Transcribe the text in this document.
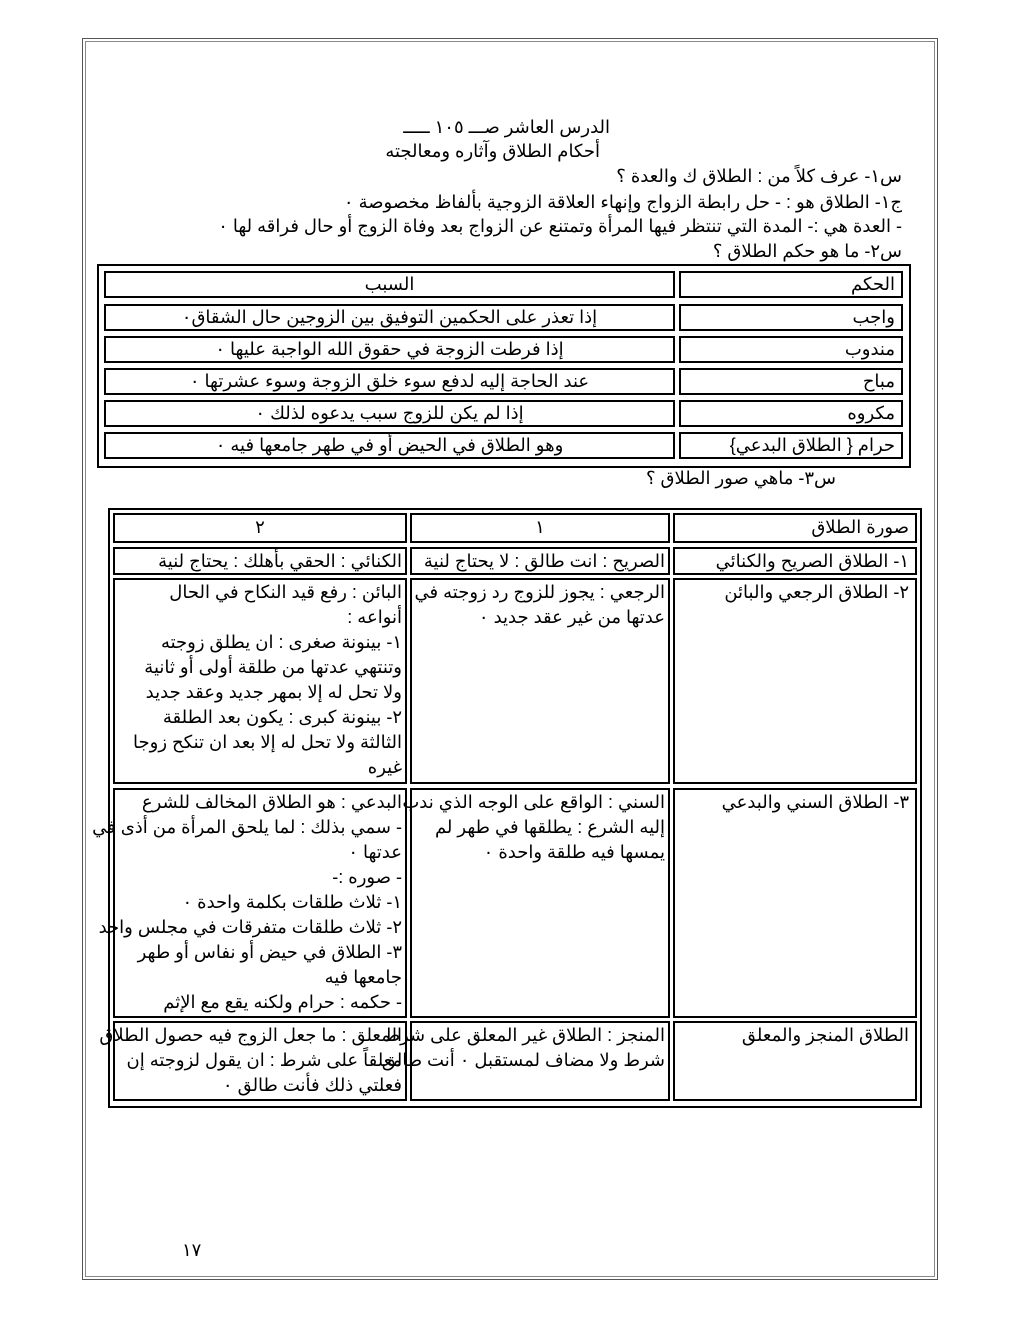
الدرس العاشر صـــ ١٠٥ ـــــ
أحكام الطلاق وآثاره ومعالجته
س١- عرف كلاً من : الطلاق ك والعدة ؟
ج١- الطلاق هو : - حل رابطة الزواج وإنهاء العلاقة الزوجية بألفاظ مخصوصة ٠
- العدة هي :- المدة التي تنتظر فيها المرأة وتمتنع عن الزواج بعد وفاة الزوج أو حال فراقه لها ٠
س٢- ما هو حكم الطلاق ؟
الحكم
السبب
واجب
إذا تعذر على الحكمين التوفيق بين الزوجين حال الشقاق٠
مندوب
إذا فرطت الزوجة في حقوق الله الواجبة عليها ٠
مباح
عند الحاجة إليه لدفع سوء خلق الزوجة وسوء عشرتها ٠
مكروه
إذا لم يكن للزوج سبب يدعوه لذلك ٠
حرام { الطلاق البدعي}
وهو الطلاق في الحيض أو في طهر جامعها فيه ٠
س٣- ماهي صور الطلاق ؟
صورة الطلاق
١
٢
١- الطلاق الصريح والكنائي
الصريح : انت طالق : لا يحتاج لنية
الكنائي : الحقي بأهلك : يحتاج لنية
٢- الطلاق الرجعي والبائن
الرجعي : يجوز للزوج رد زوجته في
عدتها من غير عقد جديد ٠
البائن : رفع قيد النكاح في الحال
أنواعه :
١- بينونة صغرى : ان يطلق زوجته
وتنتهي عدتها من طلقة أولى أو ثانية
ولا تحل له إلا بمهر جديد وعقد جديد
٢- بينونة كبرى : يكون بعد الطلقة
الثالثة ولا تحل له إلا بعد ان تنكح زوجا
غيره
٣- الطلاق السني والبدعي
السني : الواقع على الوجه الذي ندب
إليه الشرع : يطلقها في طهر لم
يمسها فيه طلقة واحدة ٠
البدعي : هو الطلاق المخالف للشرع
- سمي بذلك : لما يلحق المرأة من أذى في
عدتها ٠
- صوره :-
١- ثلاث طلقات بكلمة واحدة ٠
٢- ثلاث طلقات متفرقات في مجلس واحد
٣- الطلاق في حيض أو نفاس أو طهر
جامعها فيه
- حكمه : حرام ولكنه يقع مع الإثم
الطلاق المنجز والمعلق
المنجز : الطلاق غير المعلق على شرط
شرط ولا مضاف لمستقبل ٠ أنت طالق
المعلق : ما جعل الزوج فيه حصول الطلاق
معلقاً على شرط : ان يقول لزوجته إن
فعلتي ذلك فأنت طالق ٠
١٧
